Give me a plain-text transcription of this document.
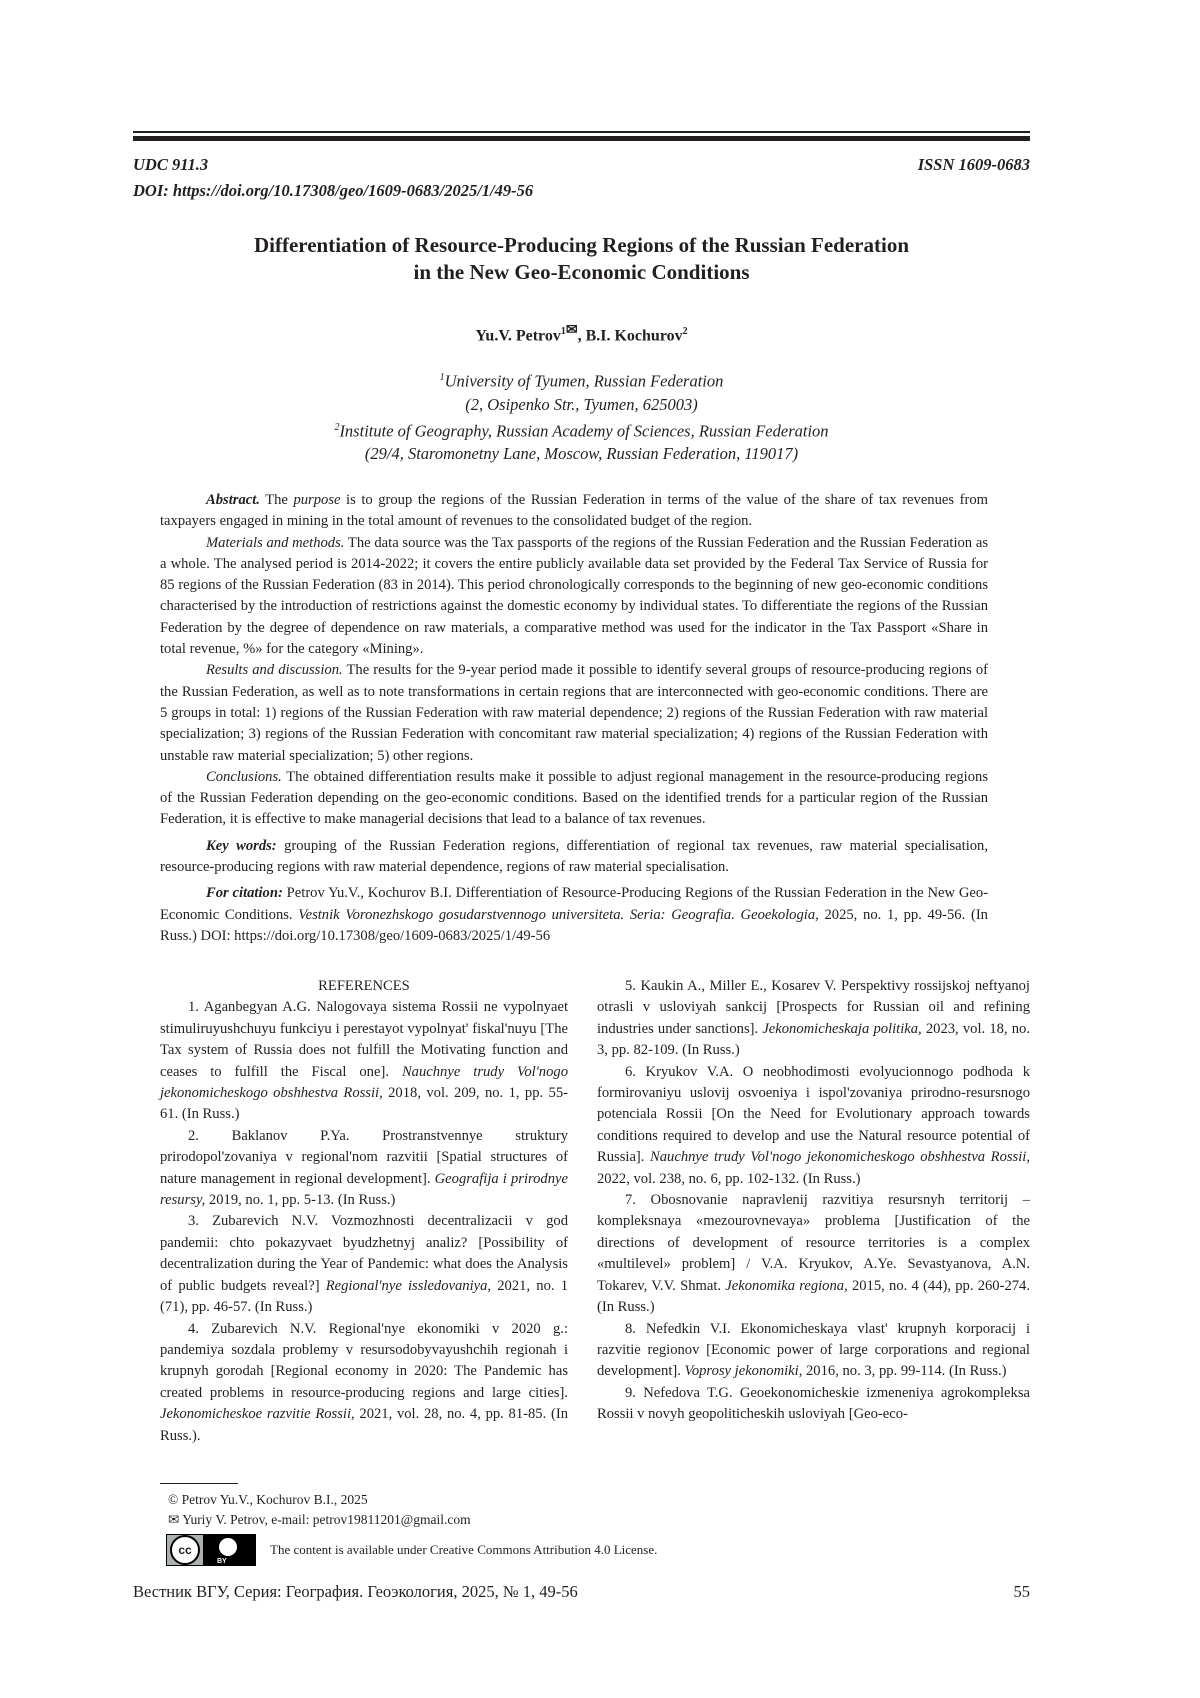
UDC 911.3
DOI: https://doi.org/10.17308/geo/1609-0683/2025/1/49-56
ISSN 1609-0683
Differentiation of Resource-Producing Regions of the Russian Federation
in the New Geo-Economic Conditions
Yu.V. Petrov1✉, B.I. Kochurov2
1University of Tyumen, Russian Federation
(2, Osipenko Str., Tyumen, 625003)
2Institute of Geography, Russian Academy of Sciences, Russian Federation
(29/4, Staromonetny Lane, Moscow, Russian Federation, 119017)

Abstract. The purpose is to group the regions of the Russian Federation in terms of the value of the share of tax revenues from taxpayers engaged in mining in the total amount of revenues to the consolidated budget of the region.

Materials and methods. The data source was the Tax passports of the regions of the Russian Federation and the Russian Federation as a whole. The analysed period is 2014-2022; it covers the entire publicly available data set provided by the Federal Tax Service of Russia for 85 regions of the Russian Federation (83 in 2014). This period chronologically corresponds to the beginning of new geo-economic conditions characterised by the introduction of restrictions against the domestic economy by individual states. To differentiate the regions of the Russian Federation by the degree of dependence on raw materials, a comparative method was used for the indicator in the Tax Passport «Share in total revenue, %» for the category «Mining».

Results and discussion. The results for the 9-year period made it possible to identify several groups of resource-producing regions of the Russian Federation, as well as to note transformations in certain regions that are interconnected with geo-economic conditions. There are 5 groups in total: 1) regions of the Russian Federation with raw material dependence; 2) regions of the Russian Federation with raw material specialization; 3) regions of the Russian Federation with concomitant raw material specialization; 4) regions of the Russian Federation with unstable raw material specialization; 5) other regions.

Conclusions. The obtained differentiation results make it possible to adjust regional management in the resource-producing regions of the Russian Federation depending on the geo-economic conditions. Based on the identified trends for a particular region of the Russian Federation, it is effective to make managerial decisions that lead to a balance of tax revenues.

Key words: grouping of the Russian Federation regions, differentiation of regional tax revenues, raw material specialisation, resource-producing regions with raw material dependence, regions of raw material specialisation.

For citation: Petrov Yu.V., Kochurov B.I. Differentiation of Resource-Producing Regions of the Russian Federation in the New Geo-Economic Conditions. Vestnik Voronezhskogo gosudarstvennogo universiteta. Seria: Geografia. Geoekologia, 2025, no. 1, pp. 49-56. (In Russ.) DOI: https://doi.org/10.17308/geo/1609-0683/2025/1/49-56

REFERENCES

1. Aganbegyan A.G. Nalogovaya sistema Rossii ne vypolnyaet stimuliruyushchuyu funkciyu i perestayot vypolnyat' fiskal'nuyu [The Tax system of Russia does not fulfill the Motivating function and ceases to fulfill the Fiscal one]. Nauchnye trudy Vol'nogo jekonomicheskogo obshhestva Rossii, 2018, vol. 209, no. 1, pp. 55-61. (In Russ.)

2. Baklanov P.Ya. Prostranstvennye struktury prirodopol'zovaniya v regional'nom razvitii [Spatial structures of nature management in regional development]. Geografija i prirodnye resursy, 2019, no. 1, pp. 5-13. (In Russ.)

3. Zubarevich N.V. Vozmozhnosti decentralizacii v god pandemii: chto pokazyvaet byudzhetnyj analiz? [Possibility of decentralization during the Year of Pandemic: what does the Analysis of public budgets reveal?] Regional'nye issledovaniya, 2021, no. 1 (71), pp. 46-57. (In Russ.)

4. Zubarevich N.V. Regional'nye ekonomiki v 2020 g.: pandemiya sozdala problemy v resursodobyvayushchih regionah i krupnyh gorodah [Regional economy in 2020: The Pandemic has created problems in resource-producing regions and large cities]. Jekonomicheskoe razvitie Rossii, 2021, vol. 28, no. 4, pp. 81-85. (In Russ.).

5. Kaukin A., Miller E., Kosarev V. Perspektivy rossijskoj neftyanoj otrasli v usloviyah sankcij [Prospects for Russian oil and refining industries under sanctions]. Jekonomicheskaja politika, 2023, vol. 18, no. 3, pp. 82-109. (In Russ.)

6. Kryukov V.A. O neobhodimosti evolyucionnogo podhoda k formirovaniyu uslovij osvoeniya i ispol'zovaniya prirodno-resursnogo potenciala Rossii [On the Need for Evolutionary approach towards conditions required to develop and use the Natural resource potential of Russia]. Nauchnye trudy Vol'nogo jekonomicheskogo obshhestva Rossii, 2022, vol. 238, no. 6, pp. 102-132. (In Russ.)

7. Obosnovanie napravlenij razvitiya resursnyh territorij – kompleksnaya «mezourovnevaya» problema [Justification of the directions of development of resource territories is a complex «multilevel» problem] / V.A. Kryukov, A.Ye. Sevastyanova, A.N. Tokarev, V.V. Shmat. Jekonomika regiona, 2015, no. 4 (44), pp. 260-274. (In Russ.)

8. Nefedkin V.I. Ekonomicheskaya vlast' krupnyh korporacij i razvitie regionov [Economic power of large corporations and regional development]. Voprosy jekonomiki, 2016, no. 3, pp. 99-114. (In Russ.)

9. Nefedova T.G. Geoekonomicheskie izmeneniya agrokompleksa Rossii v novyh geopoliticheskih usloviyah [Geo-eco-

© Petrov Yu.V., Kochurov B.I., 2025
✉ Yuriy V. Petrov, e-mail: petrov19811201@gmail.com
cc
BY
The content is available under Creative Commons Attribution 4.0 License.
Вестник ВГУ, Серия: География. Геоэкология, 2025, № 1, 49-56	55
